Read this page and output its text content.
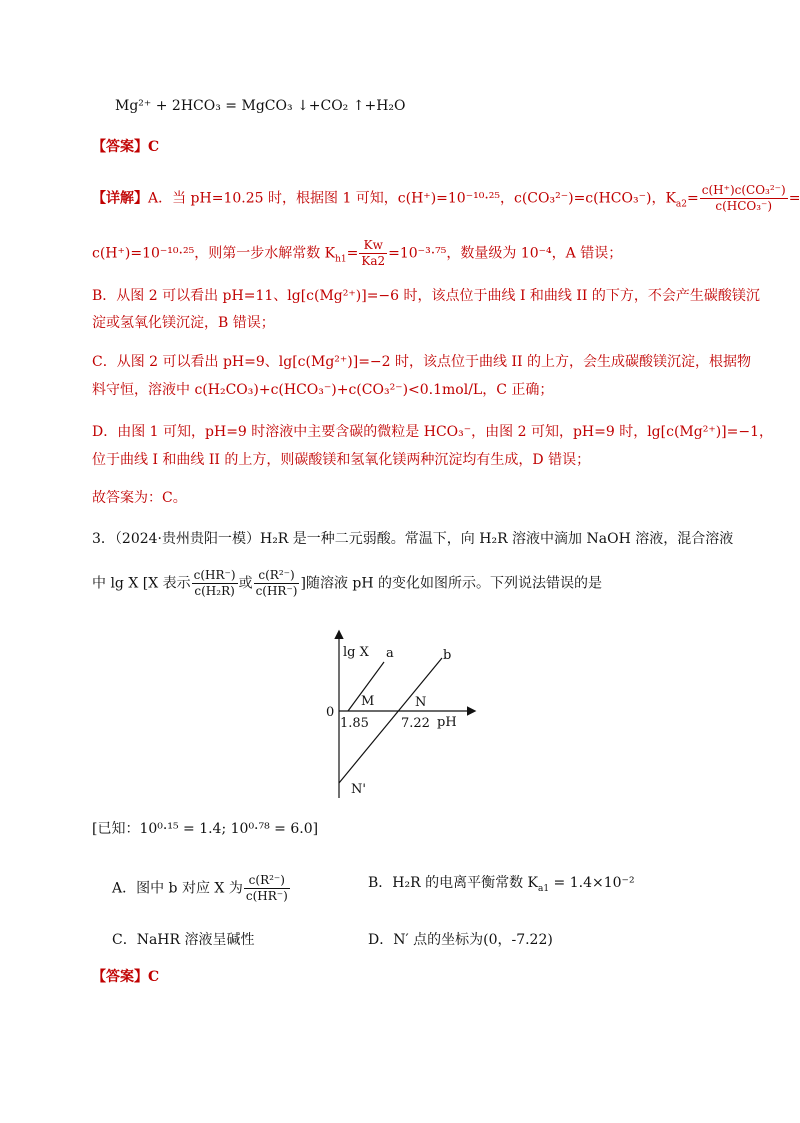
Mg²⁺ + 2HCO₃ = MgCO₃ ↓+CO₂ ↑+H₂O
【答案】C
【详解】A．当 pH=10.25 时，根据图 1 可知，c(H⁺)=10⁻¹⁰·²⁵，c(CO₃²⁻)=c(HCO₃⁻)，$K_{a2}= \frac{\text{c(H⁺)c(CO₃²⁻)}}{\text{c(HCO₃⁻)}}$ =
c(H⁺)=10⁻¹⁰·²⁵，则第一步水解常数 $K_{h1}= \frac{Kw}{Ka2} =10^{-3}\cdot^{75}$，数量级为 10⁻⁴，A 错误；
B．从图 2 可以看出 pH=11、lg[c(Mg²⁺)]=−6 时，该点位于曲线 I 和曲线 II 的下方，不会产生碳酸镁沉
淀或氢氧化镁沉淀，B 错误；
C．从图 2 可以看出 pH=9、lg[c(Mg²⁺)]=−2 时，该点位于曲线 II 的上方，会生成碳酸镁沉淀，根据物
料守恒，溶液中 c(H₂CO₃)+c(HCO₃⁻)+c(CO₃²⁻)<0.1mol/L，C 正确；
D．由图 1 可知，pH=9 时溶液中主要含碳的微粒是 HCO₃⁻，由图 2 可知，pH=9 时，lg[c(Mg²⁺)]=−1，
位于曲线 I 和曲线 II 的上方，则碳酸镁和氢氧化镁两种沉淀均有生成，D 错误；
故答案为：C。
3．（2024·贵州贵阳一模）H₂R 是一种二元弱酸。常温下，向 H₂R 溶液中滴加 NaOH 溶液，混合溶液
中 lg X [X 表示 $\frac{c(HR^-)}{\text{c(H₂R)}}$ 或 $\frac{\text{c(R²⁻)}}{c(HR^-)}$ ]随溶液 pH 的变化如图所示。下列说法错误的是
lg X a	b
M	N
0
1.85 7.22 pH
N'
[已知：10⁰·¹⁵ = 1.4; 10⁰·⁷⁸ = 6.0]
A．图中 b 对应 X 为 $\frac{\text{c(R²⁻)}}{c(HR^-)}$	B．H₂R 的电离平衡常数 $K_{a1} = 1.4\times 10^{-2}$
C．NaHR 溶液呈碱性	D．N′ 点的坐标为(0，-7.22)
【答案】C
